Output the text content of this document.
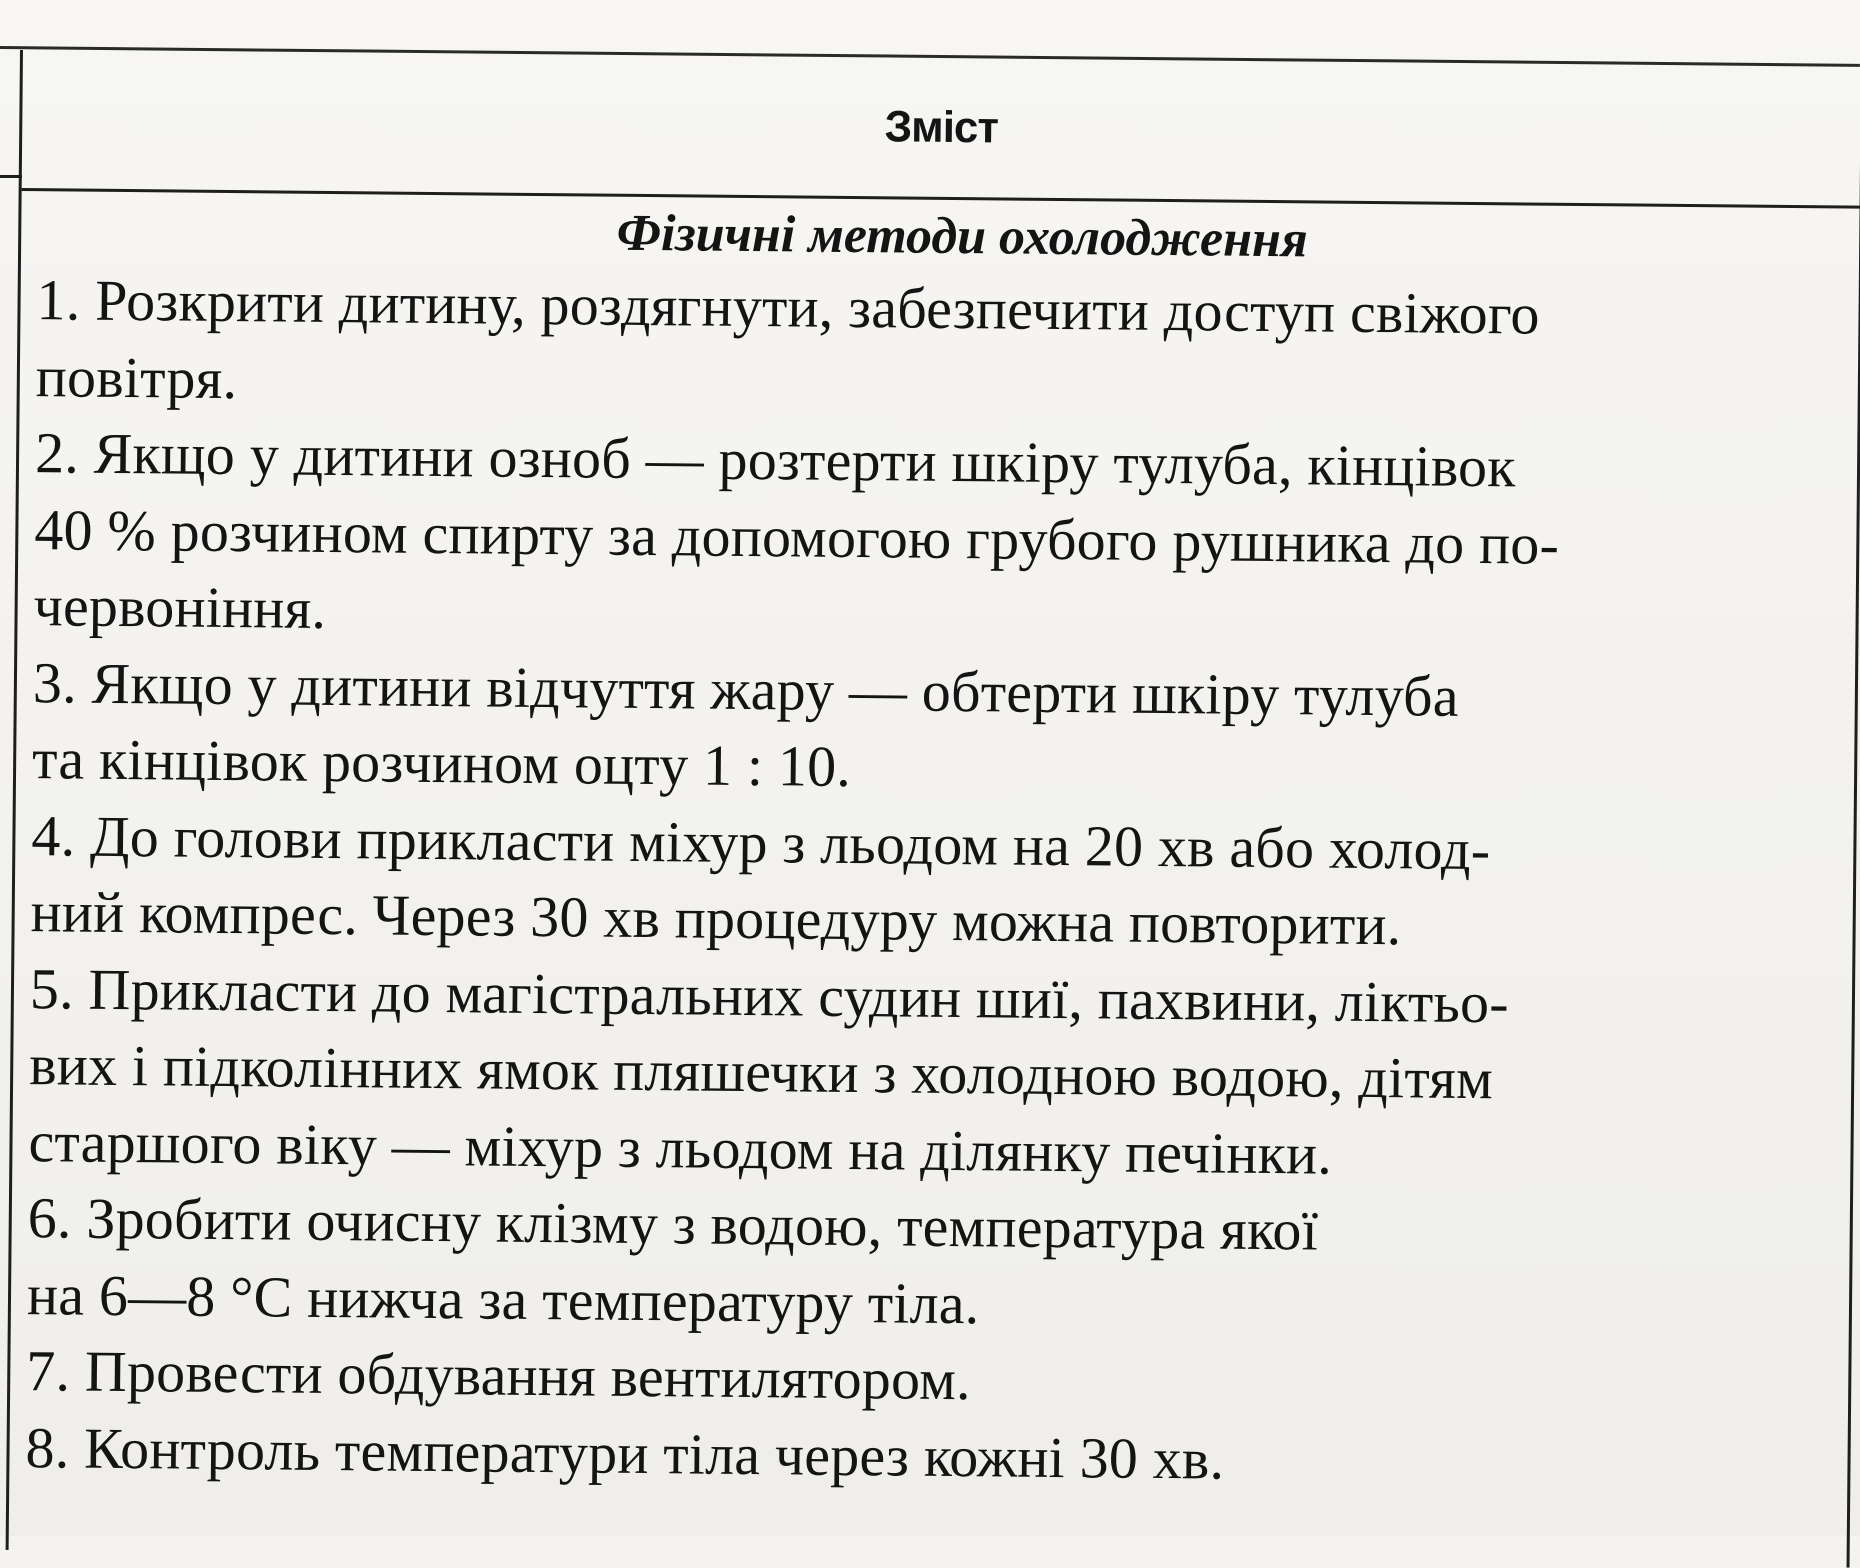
Зміст
Фізичні методи охолодження
1. Розкрити дитину, роздягнути, забезпечити доступ свіжого
повітря.
2. Якщо у дитини озноб — розтерти шкіру тулуба, кінцівок
40 % розчином спирту за допомогою грубого рушника до по-
червоніння.
3. Якщо у дитини відчуття жару — обтерти шкіру тулуба
та кінцівок розчином оцту 1 : 10.
4. До голови прикласти міхур з льодом на 20 хв або холод-
ний компрес. Через 30 хв процедуру можна повторити.
5. Прикласти до магістральних судин шиї, пахвини, ліктьо-
вих і підколінних ямок пляшечки з холодною водою, дітям
старшого віку — міхур з льодом на ділянку печінки.
6. Зробити очисну клізму з водою, температура якої
на 6—8 °С нижча за температуру тіла.
7. Провести обдування вентилятором.
8. Контроль температури тіла через кожні 30 хв.
